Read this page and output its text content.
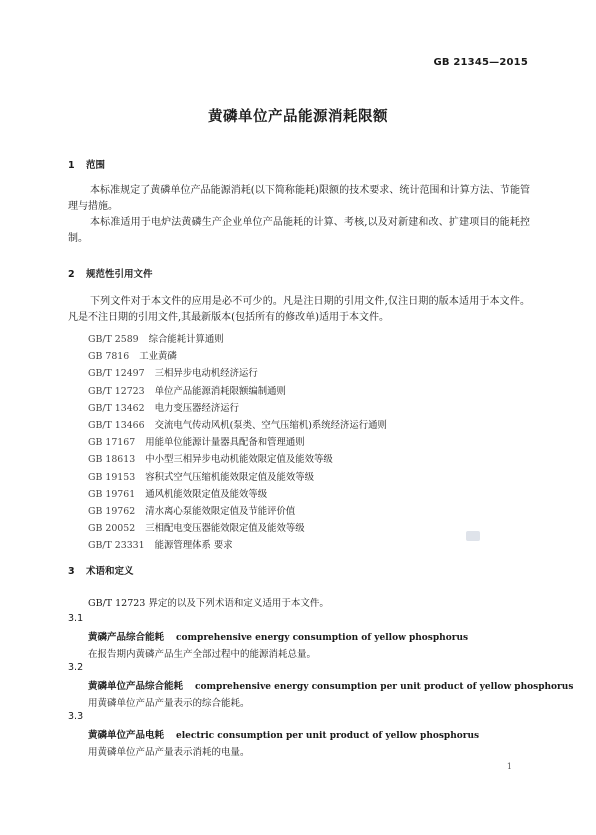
GB 21345—2015
黄磷单位产品能源消耗限额
1 范围
本标准规定了黄磷单位产品能源消耗(以下简称能耗)限额的技术要求、统计范围和计算方法、节能管理与措施。
本标准适用于电炉法黄磷生产企业单位产品能耗的计算、考核,以及对新建和改、扩建项目的能耗控制。
2 规范性引用文件
下列文件对于本文件的应用是必不可少的。凡是注日期的引用文件,仅注日期的版本适用于本文件。凡是不注日期的引用文件,其最新版本(包括所有的修改单)适用于本文件。
GB/T 2589 综合能耗计算通则
GB 7816 工业黄磷
GB/T 12497 三相异步电动机经济运行
GB/T 12723 单位产品能源消耗限额编制通则
GB/T 13462 电力变压器经济运行
GB/T 13466 交流电气传动风机(泵类、空气压缩机)系统经济运行通则
GB 17167 用能单位能源计量器具配备和管理通则
GB 18613 中小型三相异步电动机能效限定值及能效等级
GB 19153 容积式空气压缩机能效限定值及能效等级
GB 19761 通风机能效限定值及能效等级
GB 19762 清水离心泵能效限定值及节能评价值
GB 20052 三相配电变压器能效限定值及能效等级
GB/T 23331 能源管理体系 要求
3 术语和定义
GB/T 12723 界定的以及下列术语和定义适用于本文件。
3.1
黄磷产品综合能耗 comprehensive energy consumption of yellow phosphorus
在报告期内黄磷产品生产全部过程中的能源消耗总量。
3.2
黄磷单位产品综合能耗 comprehensive energy consumption per unit product of yellow phosphorus
用黄磷单位产品产量表示的综合能耗。
3.3
黄磷单位产品电耗 electric consumption per unit product of yellow phosphorus
用黄磷单位产品产量表示消耗的电量。
1
